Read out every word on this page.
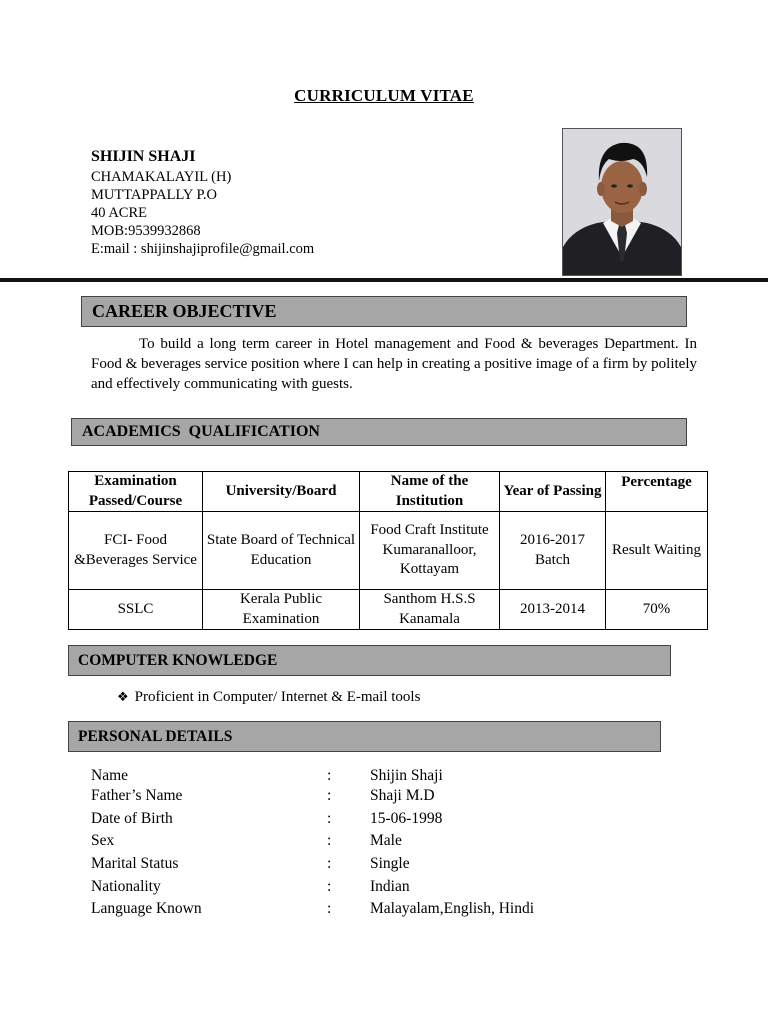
CURRICULUM VITAE
SHIJIN SHAJI
CHAMAKALAYIL (H)
MUTTAPPALLY P.O
40 ACRE
MOB:9539932868
E:mail : shijinshajiprofile@gmail.com
CAREER OBJECTIVE
To build a long term career in Hotel management and Food & beverages Department. In Food & beverages service position where I can help in creating a positive image of a firm by politely and effectively communicating with guests.
ACADEMICS  QUALIFICATION
Examination Passed/Course	University/Board	Name of the Institution	Year of Passing	Percentage
FCI- Food &Beverages Service	State Board of Technical Education	Food Craft Institute Kumaranalloor, Kottayam	2016-2017 Batch	Result Waiting
SSLC	Kerala Public Examination	Santhom H.S.S Kanamala	2013-2014	70%
COMPUTER KNOWLEDGE
❖ Proficient in Computer/ Internet & E-mail tools
PERSONAL DETAILS
Name	: Shijin Shaji
Father’s Name	: Shaji M.D
Date of Birth	: 15-06-1998
Sex	: Male
Marital Status	: Single
Nationality	: Indian
Language Known	: Malayalam,English, Hindi
